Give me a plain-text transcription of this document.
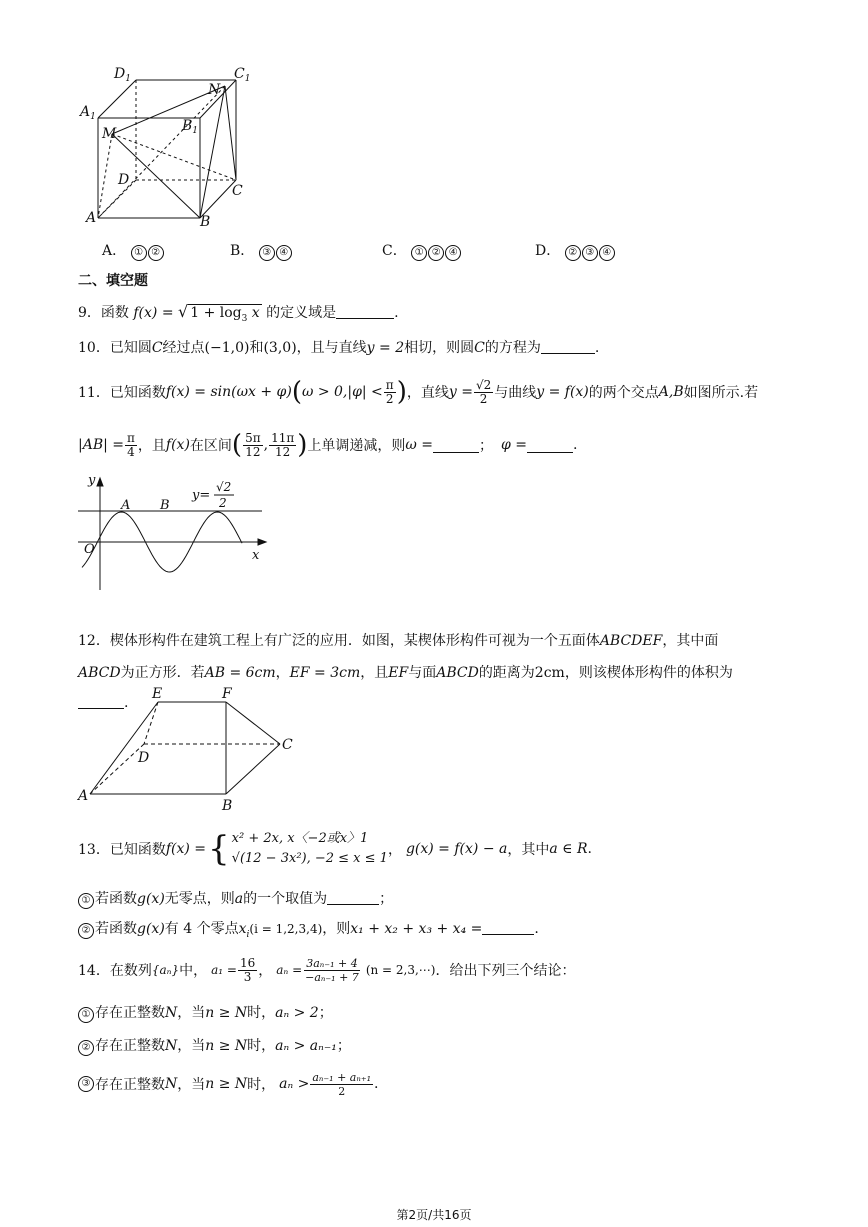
$D_1$	$C_1$
$A_1$
$B_1$
N
M
D
C
A	B
A． ① ②	B． ③ ④	C． ① ② ④	D． ② ③ ④
二、填空题
9．函数 f(x) = √ $1 + \log_3 x$ 的定义域是	.
10．已知圆C经过点(−1,0)和(3,0)，且与直线y = 2相切，则圆C的方程为	.
11．已知函数 f(x) = sin(ωx + φ) ( $\omega > 0,|\varphi| < \frac{\pi}{2}$ ) ，直线 $y = \frac{√2}{2}$ 与曲线 y = f(x) 的两个交点 A,B 如图所示.若
$|AB| = \frac{\pi}{4}$ ，且 f(x) 在区间 ( $\frac{5\pi}{12}$ , $\frac{11\pi}{12}$ ) 上单调递减，则 ω =	； φ =	.
y
x
O
A B
y=
√2
2
12．楔体形构件在建筑工程上有广泛的应用．如图，某楔体形构件可视为一个五面体ABCDEF，其中面
ABCD为正方形．若AB = 6cm，EF = 3cm，且EF与面ABCD的距离为2cm，则该楔体形构件的体积为
.
E	F
D
C
A
B
13．已知函数 f(x) = { x² + 2x, x〈−2或x〉1
√(12 − 3x²), −2 ≤ x ≤ 1
， g(x) = f(x) − a ，其中 a ∈ R .
① 若函数g(x)无零点，则a的一个取值为	；
② 若函数g(x)有 4 个零点$x_i(i = 1,2,3,4)$，则x₁ + x₂ + x₃ + x₄ =	.
14．在数列 {aₙ} 中， $a_1 = \frac{16}{3}$ ， $a_n = \frac{\text{3aₙ₋₁ + 4}}{\text{−aₙ₋₁ + 7}} (n$ = 2,3,⋯) ．给出下列三个结论：
① 存在正整数N，当n ≥ N时，aₙ > 2；
② 存在正整数N，当n ≥ N时，aₙ > aₙ₋₁；
③ 存在正整数 N ，当 n ≥ N 时， $a_n > \frac{\text{aₙ₋₁ + aₙ₊₁}}{2}$ .
第2页/共16页
